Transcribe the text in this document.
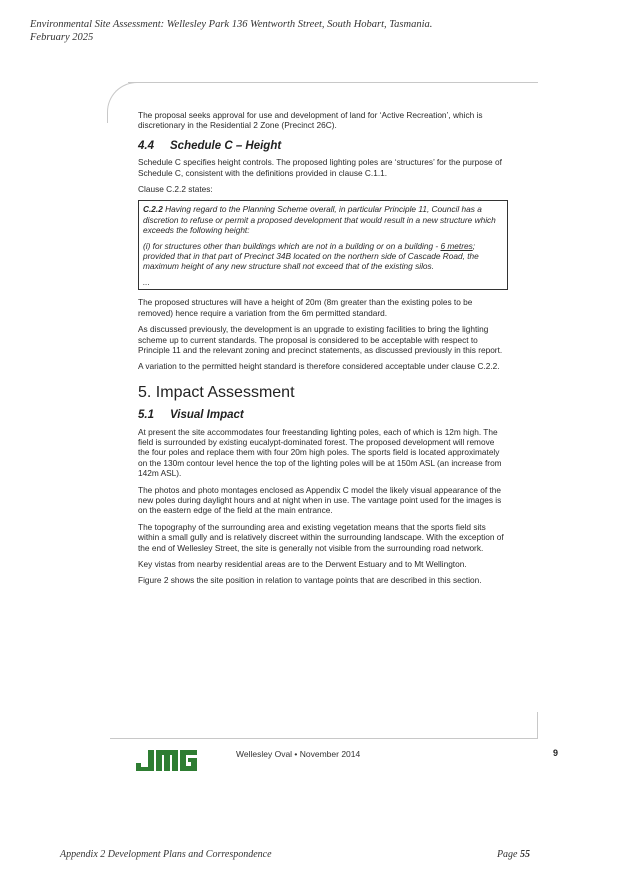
Environmental Site Assessment: Wellesley Park 136 Wentworth Street, South Hobart, Tasmania.
February 2025

The proposal seeks approval for use and development of land for ‘Active Recreation’, which is discretionary in the Residential 2 Zone (Precinct 26C).

4.4 Schedule C – Height

Schedule C specifies height controls. The proposed lighting poles are ‘structures’ for the purpose of Schedule C, consistent with the definitions provided in clause C.1.1.

Clause C.2.2 states:

C.2.2 Having regard to the Planning Scheme overall, in particular Principle 11, Council has a discretion to refuse or permit a proposed development that would result in a new structure which exceeds the following height:

(i) for structures other than buildings which are not in a building or on a building - 6 metres; provided that in that part of Precinct 34B located on the northern side of Cascade Road, the maximum height of any new structure shall not exceed that of the existing silos.

...

The proposed structures will have a height of 20m (8m greater than the existing poles to be removed) hence require a variation from the 6m permitted standard.

As discussed previously, the development is an upgrade to existing facilities to bring the lighting scheme up to current standards. The proposal is considered to be acceptable with respect to Principle 11 and the relevant zoning and precinct statements, as discussed previously in this report.

A variation to the permitted height standard is therefore considered acceptable under clause C.2.2.

5. Impact Assessment
5.1 Visual Impact

At present the site accommodates four freestanding lighting poles, each of which is 12m high. The field is surrounded by existing eucalypt-dominated forest. The proposed development will remove the four poles and replace them with four 20m high poles. The sports field is located approximately on the 130m contour level hence the top of the lighting poles will be at 150m ASL (an increase from 142m ASL).

The photos and photo montages enclosed as Appendix C model the likely visual appearance of the new poles during daylight hours and at night when in use. The vantage point used for the images is on the eastern edge of the field at the main entrance.

The topography of the surrounding area and existing vegetation means that the sports field sits within a small gully and is relatively discreet within the surrounding landscape. With the exception of the end of Wellesley Street, the site is generally not visible from the surrounding road network.

Key vistas from nearby residential areas are to the Derwent Estuary and to Mt Wellington.

Figure 2 shows the site position in relation to vantage points that are described in this section.

Wellesley Oval • November 2014	9
Appendix 2 Development Plans and Correspondence	Page 55
